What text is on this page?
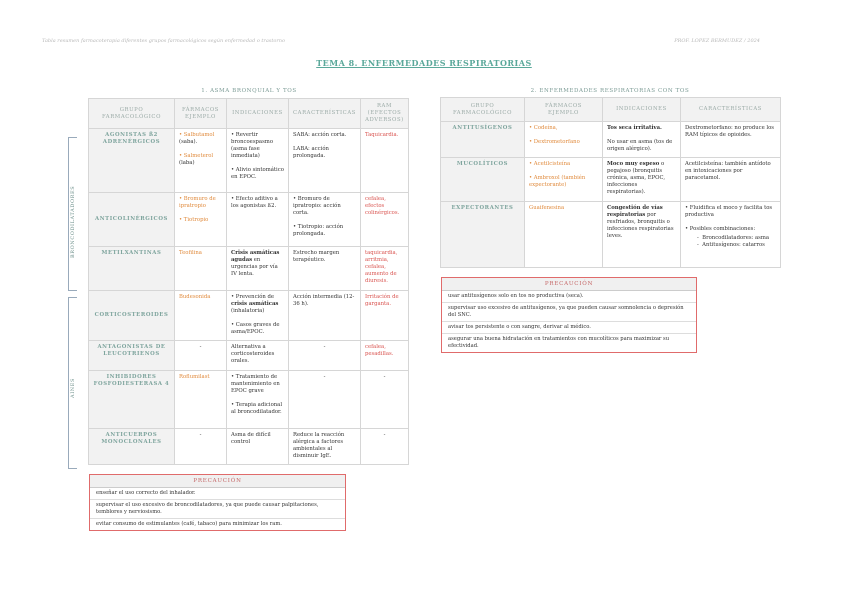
Tabla resumen farmacoterapia diferentes grupos farmacológicos según enfermedad o trastorno	PROF. LOPEZ BERMUDEZ / 2024
TEMA 8. ENFERMEDADES RESPIRATORIAS
1. ASMA BRONQUIAL Y TOS
BRONCODILATADORES
AINES
GRUPO FARMACOLÓGICO	FÁRMACOS EJEMPLO	INDICACIONES	CARACTERÍSTICAS	RAM (EFECTOS ADVERSOS)
AGONISTAS ß2 ADRENÉRGICOS	• Salbutamol
(saba).

• Salmeterol
(laba)	• Revertir broncoespasmo (asma fase inmediata)

• Alivio sintomático en EPOC.	SABA: acción corta.

LABA: acción prolongada.	Taquicardia.
ANTICOLINÉRGICOS	• Bromuro de ipratropio

• Tiotropio	• Efecto aditivo a los agonistas ß2.	• Bromuro de ipratropio: acción corta.

• Tiotropio: acción prolongada.	cefalea, efectos colinérgicos.
METILXANTINAS	Teofilina	Crisis asmáticas agudas en urgencias por vía IV lenta.	Estrecho margen terapéutico.	taquicardia, arritmia, cefalea, aumento de diuresis.
CORTICOSTEROIDES	Budesonida	• Prevención de crisis asmáticas (inhalatoria)

• Casos graves de asma/EPOC.	Acción intermedia (12-36 h).	Irritación de garganta.
ANTAGONISTAS DE LEUCOTRIENOS	-	Alternativa a corticosteroides orales.	-	cefalea, pesadillas.
INHIBIDORES FOSFODIESTERASA 4	Roflumilast	• Tratamiento de mantenimiento en EPOC grave

• Terapia adicional al broncodilatador.	-	-
ANTICUERPOS MONOCLONALES	-	Asma de difícil control	Reduce la reacción alérgica a factores ambientales al disminuir IgE.	-
PRECAUCIÓN
enseñar el uso correcto del inhalador.
supervisar el uso excesivo de broncodilatadores, ya que puede causar palpitaciones, temblores y nerviosismo.
evitar consumo de estimulantes (café, tabaco) para minimizar los ram.
2. ENFERMEDADES RESPIRATORIAS CON TOS
GRUPO FARMACOLÓGICO	FÁRMACOS EJEMPLO	INDICACIONES	CARACTERÍSTICAS
ANTITUSÍGENOS	• Codeína,

• Dextrometorfano	Tos seca irritativa.

No usar en asma (tos de origen alérgico).	Dextrometorfano: no produce los RAM típicos de opioides.
MUCOLÍTICOS	• Acetilcisteína

• Ambroxol (también expectorante)	Moco muy espeso o pegajoso (bronquitis crónica, asma, EPOC, infecciones respiratorias).	Acetilcisteína: también antídoto en intoxicaciones por paracetamol.
EXPECTORANTES	Guaifenesina	Congestión de vías respiratorias por resfriados, bronquitis o infecciones respiratorias leves.	• Fluidifica el moco y facilita tos productiva

• Posibles combinaciones:

-  Broncodilatadores: asma
-  Antitusígenos: catarros
PRECAUCIÓN
usar antitusígenos solo en tos no productiva (seca).
supervisar uso excesivo de antitusígenos, ya que pueden causar somnolencia o depresión del SNC.
avisar tos persistente o con sangre, derivar al médico.
asegurar una buena hidratación en tratamientos con mucolíticos para maximizar su efectividad.
